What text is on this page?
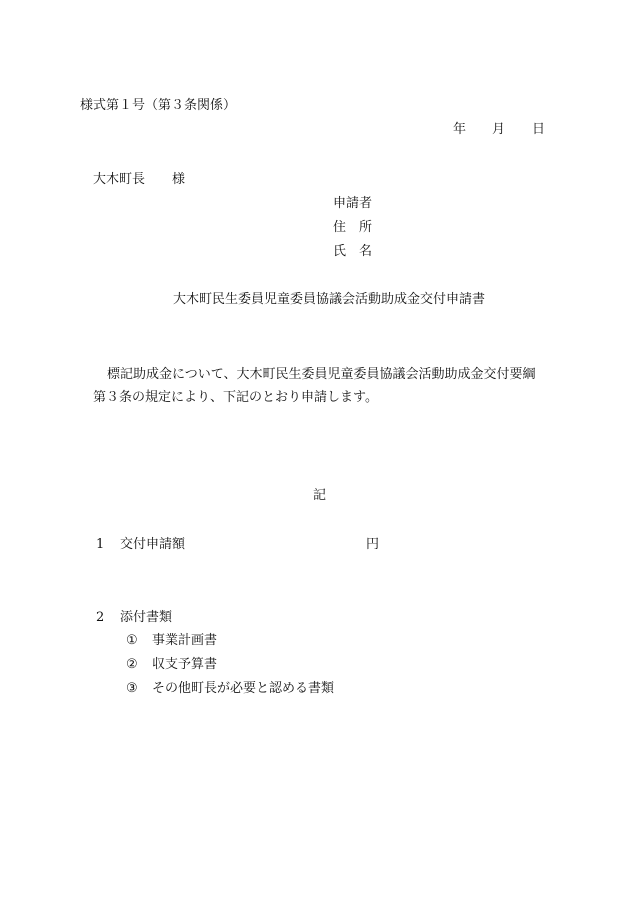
様式第１号（第３条関係）
年 月 日
大木町長 様
申請者
住　所
氏　名
大木町民生委員児童委員協議会活動助成金交付申請書
標記助成金について、大木町民生委員児童委員協議会活動助成金交付要綱
第３条の規定により、下記のとおり申請します。
記
1 交付申請額	円
2 添付書類
① 事業計画書
② 収支予算書
③ その他町長が必要と認める書類
